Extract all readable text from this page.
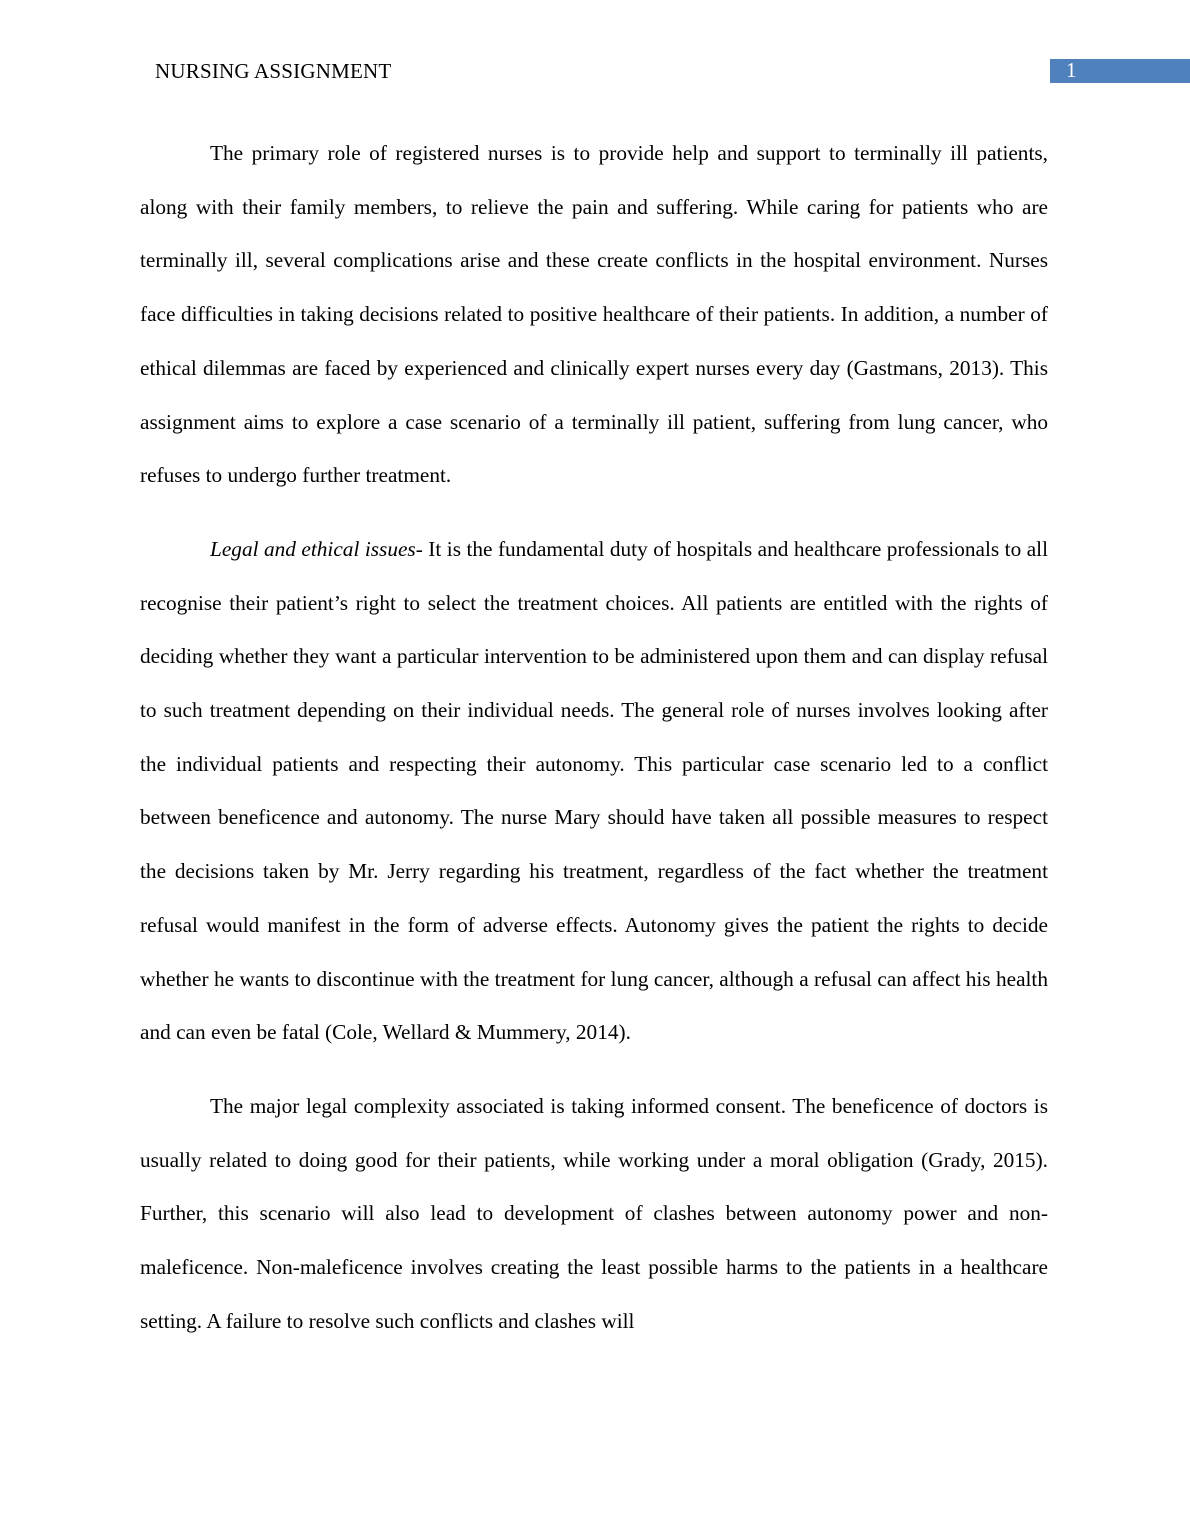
NURSING ASSIGNMENT	1

The primary role of registered nurses is to provide help and support to terminally ill patients, along with their family members, to relieve the pain and suffering. While caring for patients who are terminally ill, several complications arise and these create conflicts in the hospital environment. Nurses face difficulties in taking decisions related to positive healthcare of their patients. In addition, a number of ethical dilemmas are faced by experienced and clinically expert nurses every day (Gastmans, 2013). This assignment aims to explore a case scenario of a terminally ill patient, suffering from lung cancer, who refuses to undergo further treatment.

Legal and ethical issues- It is the fundamental duty of hospitals and healthcare professionals to all recognise their patient’s right to select the treatment choices. All patients are entitled with the rights of deciding whether they want a particular intervention to be administered upon them and can display refusal to such treatment depending on their individual needs. The general role of nurses involves looking after the individual patients and respecting their autonomy. This particular case scenario led to a conflict between beneficence and autonomy. The nurse Mary should have taken all possible measures to respect the decisions taken by Mr. Jerry regarding his treatment, regardless of the fact whether the treatment refusal would manifest in the form of adverse effects. Autonomy gives the patient the rights to decide whether he wants to discontinue with the treatment for lung cancer, although a refusal can affect his health and can even be fatal (Cole, Wellard & Mummery, 2014).

The major legal complexity associated is taking informed consent. The beneficence of doctors is usually related to doing good for their patients, while working under a moral obligation (Grady, 2015). Further, this scenario will also lead to development of clashes between autonomy power and non-maleficence. Non-maleficence involves creating the least possible harms to the patients in a healthcare setting. A failure to resolve such conflicts and clashes will
